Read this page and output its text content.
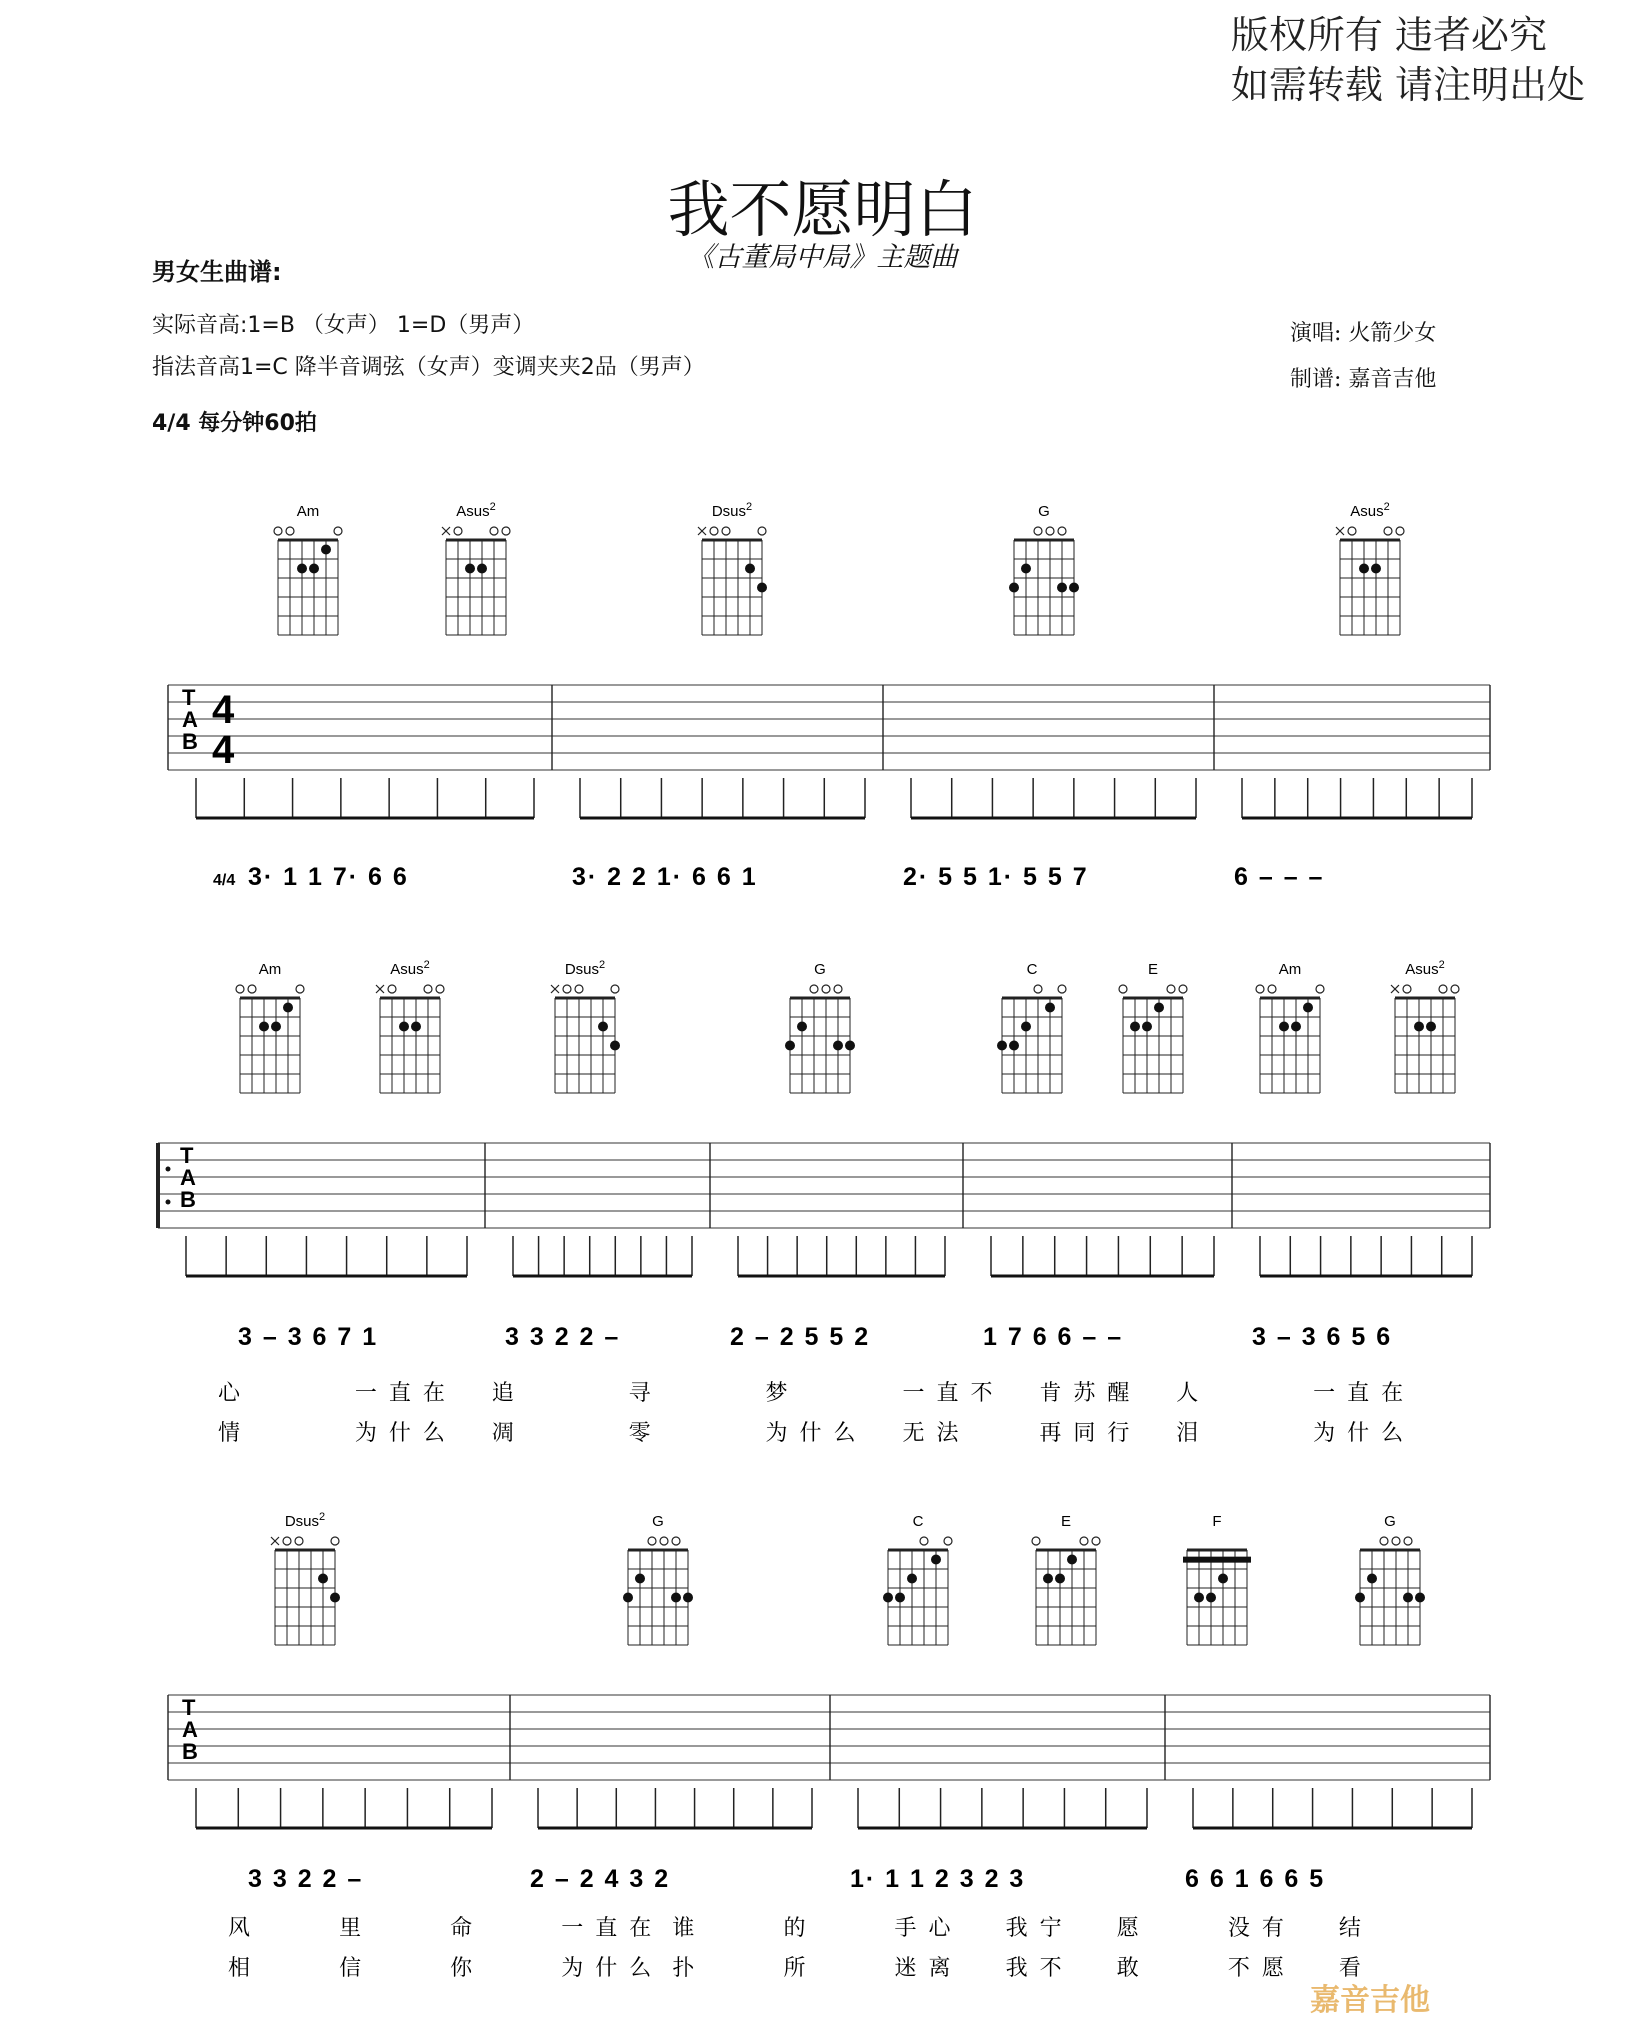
版权所有 违者必究
如需转载 请注明出处
我不愿明白
《古董局中局》主题曲
男女生曲谱:
实际音高:1=B （女声） 1=D（男声）
指法音高1=C 降半音调弦（女声）变调夹夹2品（男声）
4/4 每分钟60拍
演唱: 火箭少女
制谱: 嘉音吉他
Am	Asus$^2$	Dsus$^2$	G	Asus$^2$
Am	Asus$^2$	Dsus$^2$	G	C	E	Am	Asus$^2$
Dsus$^2$	G	C	E	F	G
T
A
B
4
4
4/4 3· 1 1 7· 6 6	3· 2 2 1· 6 6 1	2· 5 5 1· 5 5 7	6 – – –
T
A
B
3 – 3 6 7 1	3 3 2 2 –	2 – 2 5 5 2	1 7 6 6 – –	3 – 3 6 5 6
心	一直在 追	寻	梦	一直不 肯苏醒 人	一直在
情	为什么 凋	零	为什么 无法	再同行 泪	为什么
T
A
B
3 3 2 2 –	2 – 2 4 3 2	1· 1 1 2 3 2 3	6 6 1 6 6 5
风	里	命	一直在 谁	的	手心 我宁 愿	没有 结
相	信	你	为什么 扑	所	迷离 我不 敢	不愿 看
嘉音吉他
